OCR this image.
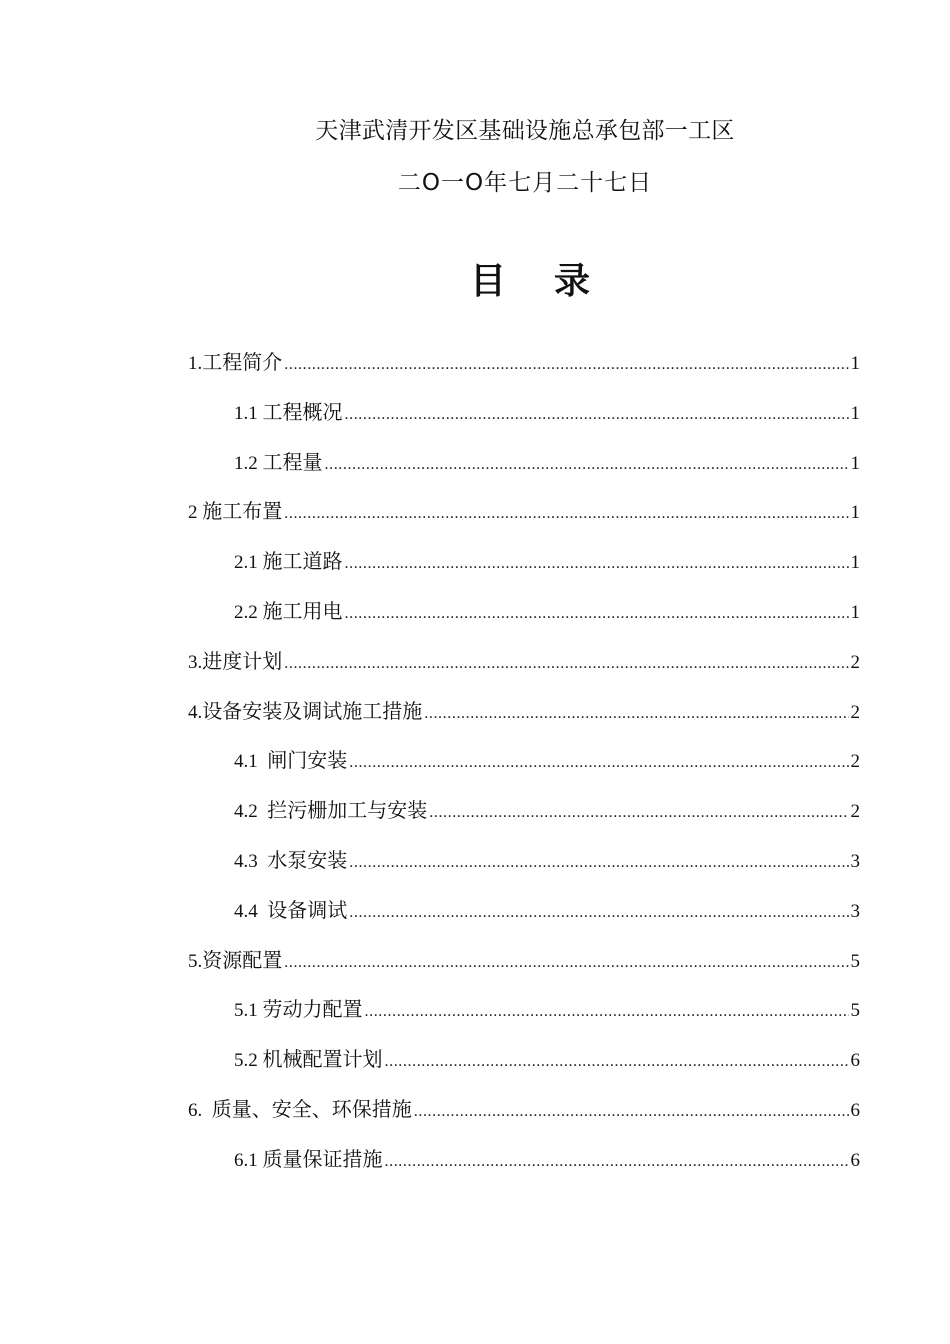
天津武清开发区基础设施总承包部一工区
二O一O年七月二十七日
目录
1.工程简介 .....	1
1.1 工程概况 .....	1
1.2 工程量 .....	1
2 施工布置 .....	1
2.1 施工道路 .....	1
2.2 施工用电 .....	1
3.进度计划 .....	2
4.设备安装及调试施工措施 .....	2
4.1  闸门安装 .....	2
4.2  拦污栅加工与安装 .....	2
4.3  水泵安装 .....	3
4.4  设备调试 .....	3
5.资源配置 .....	5
5.1 劳动力配置 .....	5
5.2 机械配置计划 .....	6
6.  质量、安全、环保措施 .....	6
6.1 质量保证措施 .....	6
